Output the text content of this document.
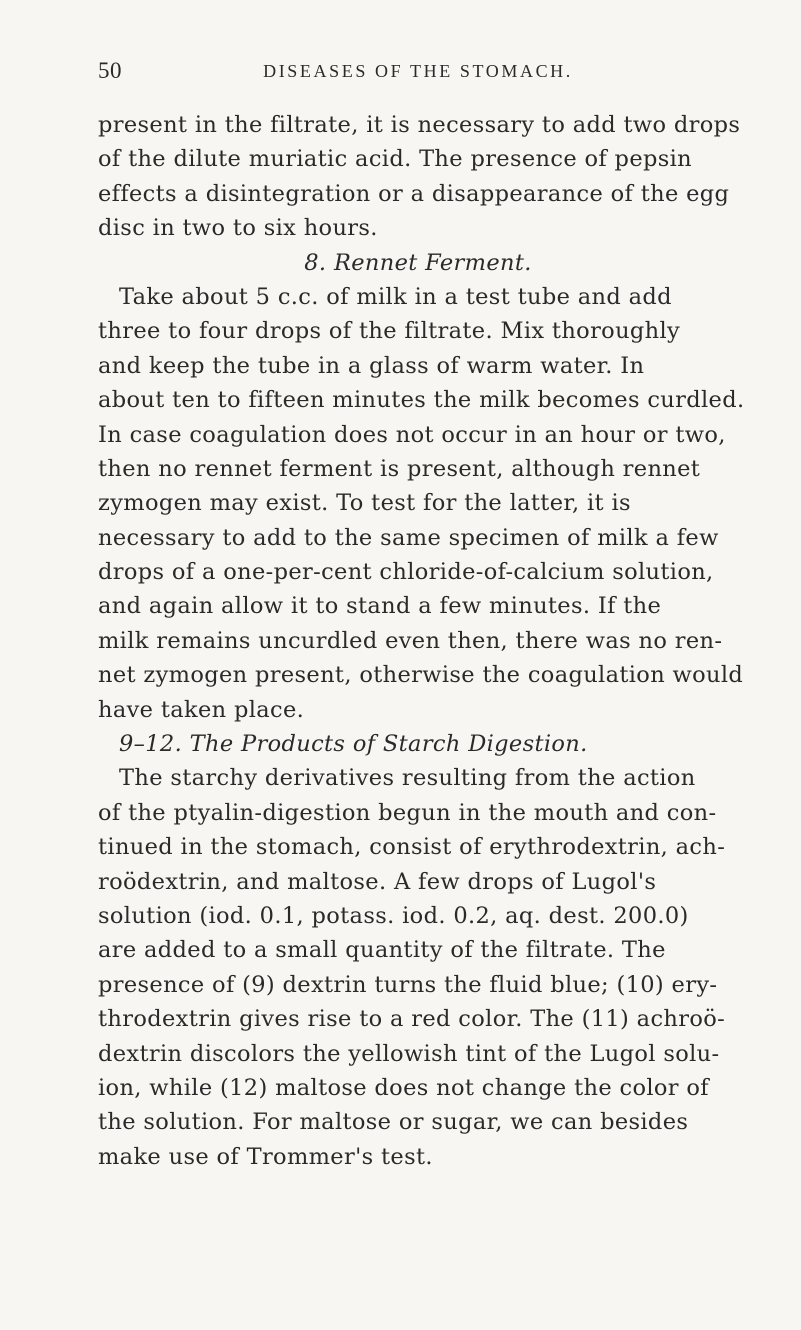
50	DISEASES OF THE STOMACH.
present in the filtrate, it is necessary to add two drops
of the dilute muriatic acid. The presence of pepsin
effects a disintegration or a disappearance of the egg
disc in two to six hours.
8. Rennet Ferment.
Take about 5 c.c. of milk in a test tube and add
three to four drops of the filtrate. Mix thoroughly
and keep the tube in a glass of warm water. In
about ten to fifteen minutes the milk becomes curdled.
In case coagulation does not occur in an hour or two,
then no rennet ferment is present, although rennet
zymogen may exist. To test for the latter, it is
necessary to add to the same specimen of milk a few
drops of a one-per-cent chloride-of-calcium solution,
and again allow it to stand a few minutes. If the
milk remains uncurdled even then, there was no ren-
net zymogen present, otherwise the coagulation would
have taken place.
9–12. The Products of Starch Digestion.
The starchy derivatives resulting from the action
of the ptyalin-digestion begun in the mouth and con-
tinued in the stomach, consist of erythrodextrin, ach-
roödextrin, and maltose. A few drops of Lugol's
solution (iod. 0.1, potass. iod. 0.2, aq. dest. 200.0)
are added to a small quantity of the filtrate. The
presence of (9) dextrin turns the fluid blue; (10) ery-
throdextrin gives rise to a red color. The (11) achroö-
dextrin discolors the yellowish tint of the Lugol solu-
ion, while (12) maltose does not change the color of
the solution. For maltose or sugar, we can besides
make use of Trommer's test.
